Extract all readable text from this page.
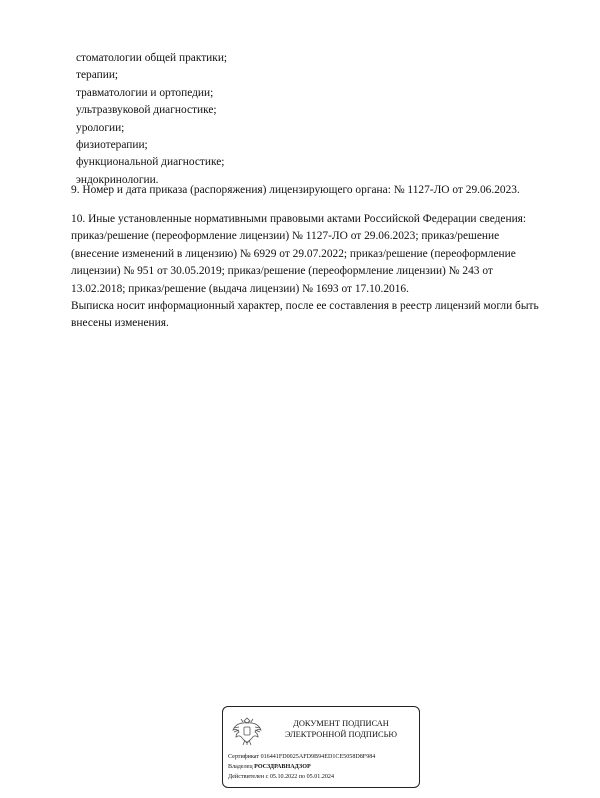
стоматологии общей практики;
терапии;
травматологии и ортопедии;
ультразвуковой диагностике;
урологии;
физиотерапии;
функциональной диагностике;
эндокринологии.

9. Номер и дата приказа (распоряжения) лицензирующего органа: № 1127-ЛО от 29.06.2023.

10. Иные установленные нормативными правовыми актами Российской Федерации сведения:
приказ/решение (переоформление лицензии) № 1127-ЛО от 29.06.2023; приказ/решение
(внесение изменений в лицензию) № 6929 от 29.07.2022; приказ/решение (переоформление
лицензии) № 951 от 30.05.2019; приказ/решение (переоформление лицензии) № 243 от
13.02.2018; приказ/решение (выдача лицензии) № 1693 от 17.10.2016.

Выписка носит информационный характер, после ее составления в реестр лицензий могли быть
внесены изменения.

ДОКУМЕНТ ПОДПИСАН
ЭЛЕКТРОННОЙ ПОДПИСЬЮ
Сертификат 016441FD0025AFD9B94ED1CE5058D8F984
Владелец РОСЗДРАВНАДЗОР
Действителен с 05.10.2022 по 05.01.2024
